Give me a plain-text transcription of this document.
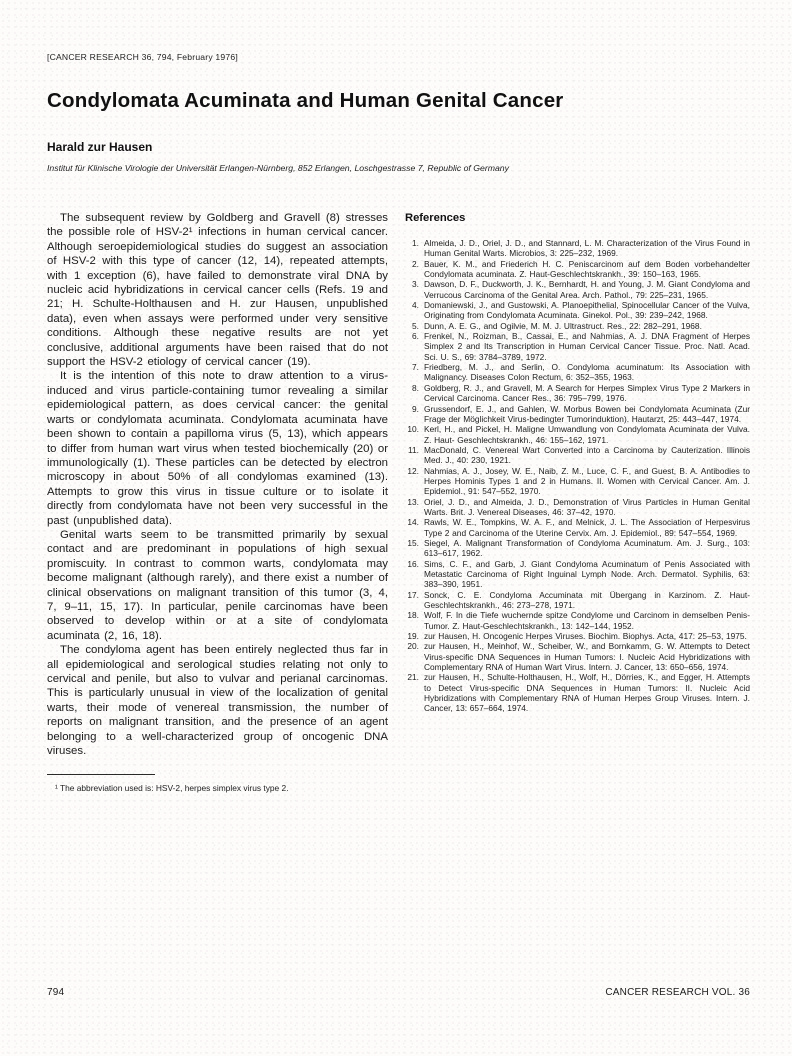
[CANCER RESEARCH 36, 794, February 1976]
Condylomata Acuminata and Human Genital Cancer
Harald zur Hausen
Institut für Klinische Virologie der Universität Erlangen-Nürnberg, 852 Erlangen, Loschgestrasse 7, Republic of Germany

The subsequent review by Goldberg and Gravell (8) stresses the possible role of HSV-2¹ infections in human cervical cancer. Although seroepidemiological studies do suggest an association of HSV-2 with this type of cancer (12, 14), repeated attempts, with 1 exception (6), have failed to demonstrate viral DNA by nucleic acid hybridizations in cervical cancer cells (Refs. 19 and 21; H. Schulte-Holthausen and H. zur Hausen, unpublished data), even when assays were performed under very sensitive conditions. Although these negative results are not yet conclusive, additional arguments have been raised that do not support the HSV-2 etiology of cervical cancer (19).

It is the intention of this note to draw attention to a virus-induced and virus particle-containing tumor revealing a similar epidemiological pattern, as does cervical cancer: the genital warts or condylomata acuminata. Condylomata acuminata have been shown to contain a papilloma virus (5, 13), which appears to differ from human wart virus when tested biochemically (20) or immunologically (1). These particles can be detected by electron microscopy in about 50% of all condylomas examined (13). Attempts to grow this virus in tissue culture or to isolate it directly from condylomata have not been very successful in the past (unpublished data).

Genital warts seem to be transmitted primarily by sexual contact and are predominant in populations of high sexual promiscuity. In contrast to common warts, condylomata may become malignant (although rarely), and there exist a number of clinical observations on malignant transition of this tumor (3, 4, 7, 9–11, 15, 17). In particular, penile carcinomas have been observed to develop within or at a site of condylomata acuminata (2, 16, 18).

The condyloma agent has been entirely neglected thus far in all epidemiological and serological studies relating not only to cervical and penile, but also to vulvar and perianal carcinomas. This is particularly unusual in view of the localization of genital warts, their mode of venereal transmission, the number of reports on malignant transition, and the presence of an agent belonging to a well-characterized group of oncogenic DNA viruses.

¹ The abbreviation used is: HSV-2, herpes simplex virus type 2.
References
1. Almeida, J. D., Oriel, J. D., and Stannard, L. M. Characterization of the Virus Found in Human Genital Warts. Microbios, 3: 225–232, 1969.
2. Bauer, K. M., and Friederich H. C. Peniscarcinom auf dem Boden vorbehandelter Condylomata acuminata. Z. Haut-Geschlechtskrankh., 39: 150–163, 1965.
3. Dawson, D. F., Duckworth, J. K., Bernhardt, H. and Young, J. M. Giant Condyloma and Verrucous Carcinoma of the Genital Area. Arch. Pathol., 79: 225–231, 1965.
4. Domaniewski, J., and Gustowski, A. Planoepithelial, Spinocellular Cancer of the Vulva, Originating from Condylomata Acuminata. Ginekol. Pol., 39: 239–242, 1968.
5. Dunn, A. E. G., and Ogilvie, M. M. J. Ultrastruct. Res., 22: 282–291, 1968.
6. Frenkel, N., Roizman, B., Cassai, E., and Nahmias, A. J. DNA Fragment of Herpes Simplex 2 and Its Transcription in Human Cervical Cancer Tissue. Proc. Natl. Acad. Sci. U. S., 69: 3784–3789, 1972.
7. Friedberg, M. J., and Serlin, O. Condyloma acuminatum: Its Association with Malignancy. Diseases Colon Rectum, 6: 352–355, 1963.
8. Goldberg, R. J., and Gravell, M. A Search for Herpes Simplex Virus Type 2 Markers in Cervical Carcinoma. Cancer Res., 36: 795–799, 1976.
9. Grussendorf, E. J., and Gahlen, W. Morbus Bowen bei Condylomata Acuminata (Zur Frage der Möglichkeit Virus-bedingter Tumorinduktion). Hautarzt, 25: 443–447, 1974.
10. Kerl, H., and Pickel, H. Maligne Umwandlung von Condylomata Acuminata der Vulva. Z. Haut- Geschlechtskrankh., 46: 155–162, 1971.
11. MacDonald, C. Venereal Wart Converted into a Carcinoma by Cauterization. Illinois Med. J., 40: 230, 1921.
12. Nahmias, A. J., Josey, W. E., Naib, Z. M., Luce, C. F., and Guest, B. A. Antibodies to Herpes Hominis Types 1 and 2 in Humans. II. Women with Cervical Cancer. Am. J. Epidemiol., 91: 547–552, 1970.
13. Oriel, J. D., and Almeida, J. D., Demonstration of Virus Particles in Human Genital Warts. Brit. J. Venereal Diseases, 46: 37–42, 1970.
14. Rawls, W. E., Tompkins, W. A. F., and Melnick, J. L. The Association of Herpesvirus Type 2 and Carcinoma of the Uterine Cervix. Am. J. Epidemiol., 89: 547–554, 1969.
15. Siegel, A. Malignant Transformation of Condyloma Acuminatum. Am. J. Surg., 103: 613–617, 1962.
16. Sims, C. F., and Garb, J. Giant Condyloma Acuminatum of Penis Associated with Metastatic Carcinoma of Right Inguinal Lymph Node. Arch. Dermatol. Syphilis, 63: 383–390, 1951.
17. Sonck, C. E. Condyloma Accuminata mit Übergang in Karzinom. Z. Haut-Geschlechtskrankh., 46: 273–278, 1971.
18. Wolf, F. In die Tiefe wuchernde spitze Condylome und Carcinom in demselben Penis-Tumor. Z. Haut-Geschlechtskrankh., 13: 142–144, 1952.
19. zur Hausen, H. Oncogenic Herpes Viruses. Biochim. Biophys. Acta, 417: 25–53, 1975.
20. zur Hausen, H., Meinhof, W., Scheiber, W., and Bornkamm, G. W. Attempts to Detect Virus-specific DNA Sequences in Human Tumors: I. Nucleic Acid Hybridizations with Complementary RNA of Human Wart Virus. Intern. J. Cancer, 13: 650–656, 1974.
21. zur Hausen, H., Schulte-Holthausen, H., Wolf, H., Dörries, K., and Egger, H. Attempts to Detect Virus-specific DNA Sequences in Human Tumors: II. Nucleic Acid Hybridizations with Complementary RNA of Human Herpes Group Viruses. Intern. J. Cancer, 13: 657–664, 1974.
794	CANCER RESEARCH VOL. 36
